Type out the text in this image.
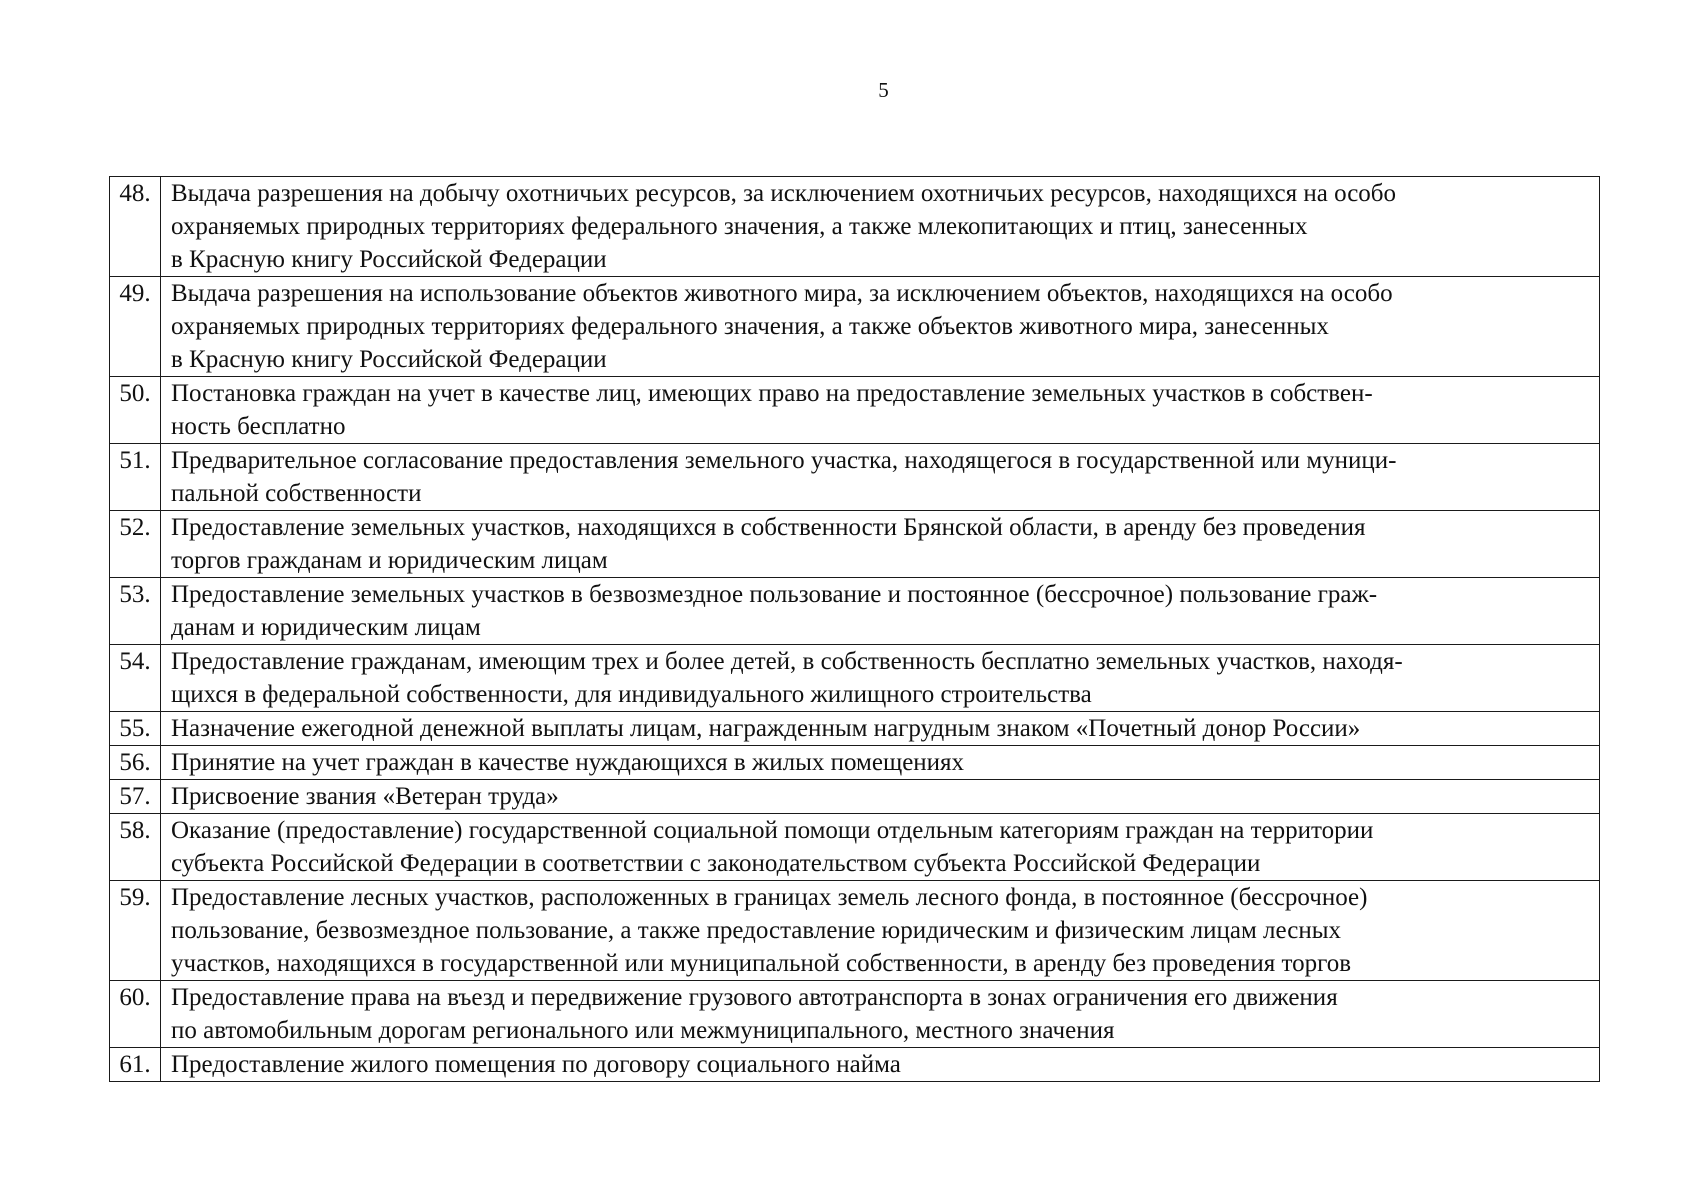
5
48.	Выдача разрешения на добычу охотничьих ресурсов, за исключением охотничьих ресурсов, находящихся на особо
охраняемых природных территориях федерального значения, а также млекопитающих и птиц, занесенных
в Красную книгу Российской Федерации

49.	Выдача разрешения на использование объектов животного мира, за исключением объектов, находящихся на особо
охраняемых природных территориях федерального значения, а также объектов животного мира, занесенных
в Красную книгу Российской Федерации

50.	Постановка граждан на учет в качестве лиц, имеющих право на предоставление земельных участков в собствен-
ность бесплатно

51.	Предварительное согласование предоставления земельного участка, находящегося в государственной или муници-
пальной собственности

52.	Предоставление земельных участков, находящихся в собственности Брянской области, в аренду без проведения
торгов гражданам и юридическим лицам

53.	Предоставление земельных участков в безвозмездное пользование и постоянное (бессрочное) пользование граж-
данам и юридическим лицам

54.	Предоставление гражданам, имеющим трех и более детей, в собственность бесплатно земельных участков, находя-
щихся в федеральной собственности, для индивидуального жилищного строительства

55.	Назначение ежегодной денежной выплаты лицам, награжденным нагрудным знаком «Почетный донор России»

56.	Принятие на учет граждан в качестве нуждающихся в жилых помещениях

57.	Присвоение звания «Ветеран труда»

58.	Оказание (предоставление) государственной социальной помощи отдельным категориям граждан на территории
субъекта Российской Федерации в соответствии с законодательством субъекта Российской Федерации

59.	Предоставление лесных участков, расположенных в границах земель лесного фонда, в постоянное (бессрочное)
пользование, безвозмездное пользование, а также предоставление юридическим и физическим лицам лесных
участков, находящихся в государственной или муниципальной собственности, в аренду без проведения торгов

60.	Предоставление права на въезд и передвижение грузового автотранспорта в зонах ограничения его движения
по автомобильным дорогам регионального или межмуниципального, местного значения

61.	Предоставление жилого помещения по договору социального найма
